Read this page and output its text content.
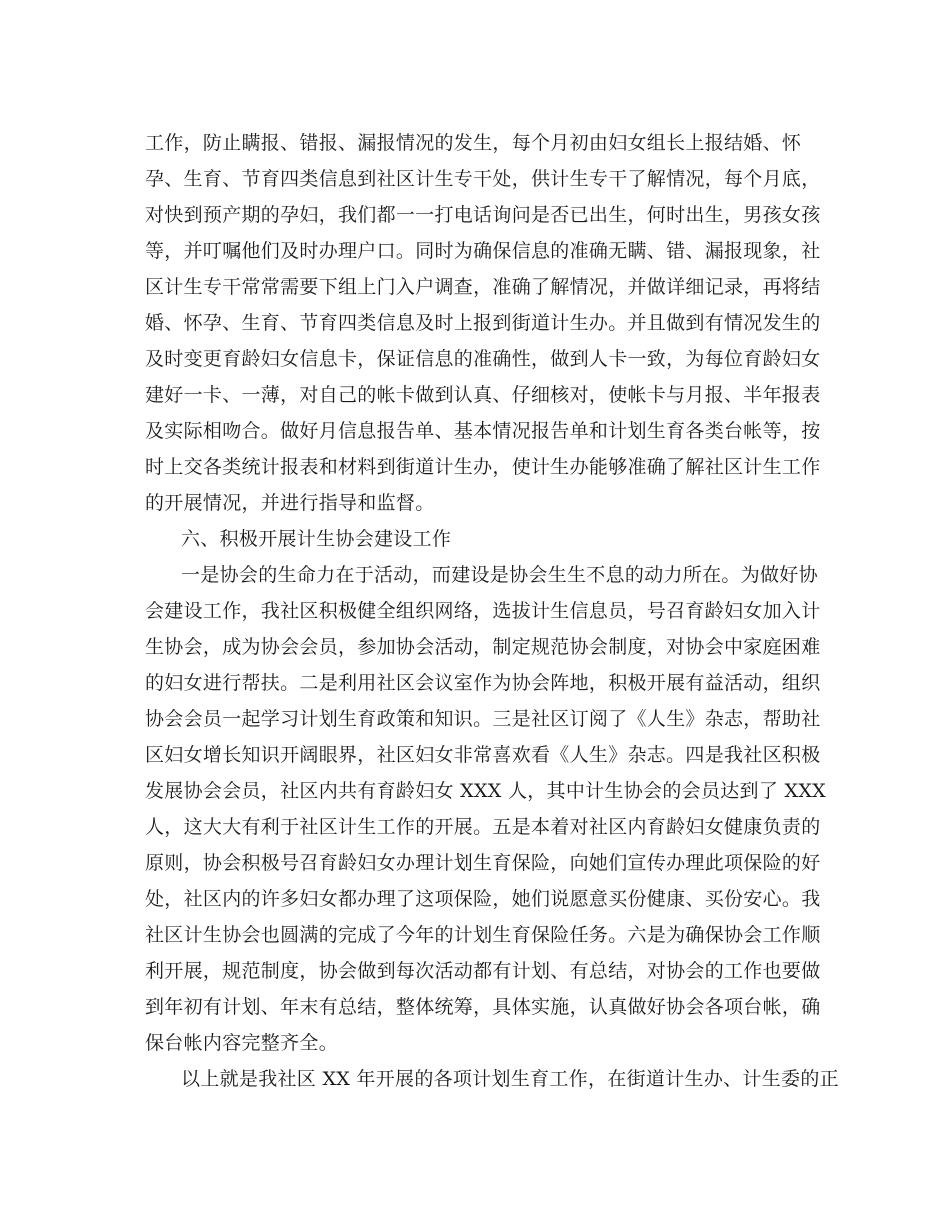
工作，防止瞒报、错报、漏报情况的发生，每个月初由妇女组长上报结婚、怀
孕、生育、节育四类信息到社区计生专干处，供计生专干了解情况，每个月底，
对快到预产期的孕妇，我们都一一打电话询问是否已出生，何时出生，男孩女孩
等，并叮嘱他们及时办理户口。同时为确保信息的准确无瞒、错、漏报现象，社
区计生专干常常需要下组上门入户调查，准确了解情况，并做详细记录，再将结
婚、怀孕、生育、节育四类信息及时上报到街道计生办。并且做到有情况发生的
及时变更育龄妇女信息卡，保证信息的准确性，做到人卡一致，为每位育龄妇女
建好一卡、一薄，对自己的帐卡做到认真、仔细核对，使帐卡与月报、半年报表
及实际相吻合。做好月信息报告单、基本情况报告单和计划生育各类台帐等，按
时上交各类统计报表和材料到街道计生办，使计生办能够准确了解社区计生工作
的开展情况，并进行指导和监督。
六、积极开展计生协会建设工作
一是协会的生命力在于活动，而建设是协会生生不息的动力所在。为做好协
会建设工作，我社区积极健全组织网络，选拔计生信息员，号召育龄妇女加入计
生协会，成为协会会员，参加协会活动，制定规范协会制度，对协会中家庭困难
的妇女进行帮扶。二是利用社区会议室作为协会阵地，积极开展有益活动，组织
协会会员一起学习计划生育政策和知识。三是社区订阅了《人生》杂志，帮助社
区妇女增长知识开阔眼界，社区妇女非常喜欢看《人生》杂志。四是我社区积极
发展协会会员，社区内共有育龄妇女 XXX 人，其中计生协会的会员达到了 XXX
人，这大大有利于社区计生工作的开展。五是本着对社区内育龄妇女健康负责的
原则，协会积极号召育龄妇女办理计划生育保险，向她们宣传办理此项保险的好
处，社区内的许多妇女都办理了这项保险，她们说愿意买份健康、买份安心。我
社区计生协会也圆满的完成了今年的计划生育保险任务。六是为确保协会工作顺
利开展，规范制度，协会做到每次活动都有计划、有总结，对协会的工作也要做
到年初有计划、年末有总结，整体统筹，具体实施，认真做好协会各项台帐，确
保台帐内容完整齐全。
以上就是我社区 XX 年开展的各项计划生育工作，在街道计生办、计生委的正
